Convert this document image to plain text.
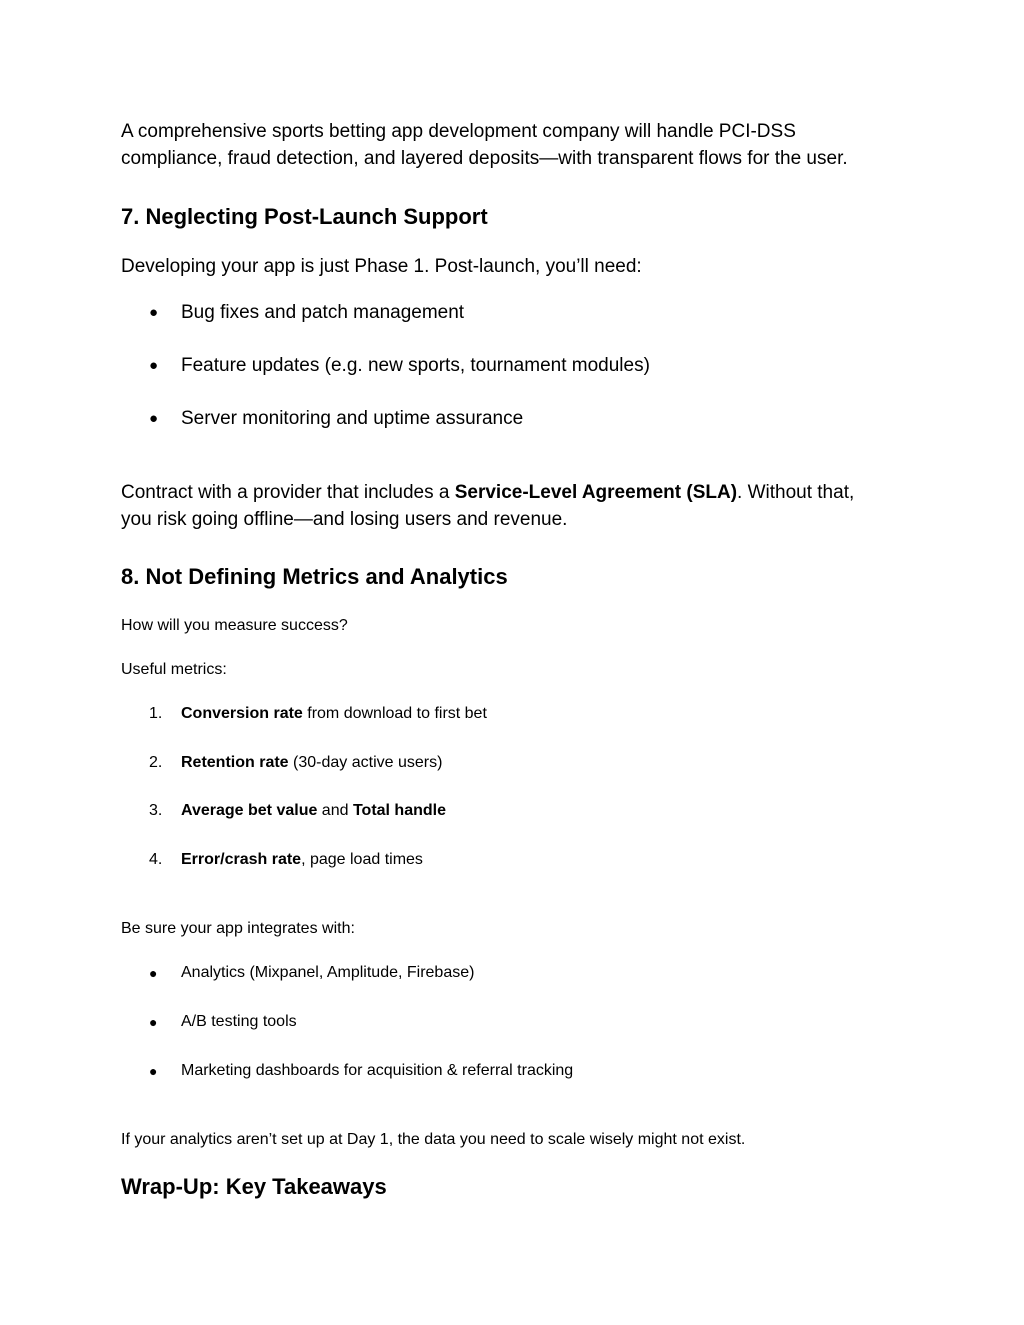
A comprehensive sports betting app development company will handle PCI-DSS

compliance, fraud detection, and layered deposits—with transparent flows for the user.

7. Neglecting Post‑Launch Support

Developing your app is just Phase 1. Post-launch, you’ll need:

●	Bug fixes and patch management
●	Feature updates (e.g. new sports, tournament modules)
●	Server monitoring and uptime assurance

Contract with a provider that includes a Service-Level Agreement (SLA). Without that,

you risk going offline—and losing users and revenue.

8. Not Defining Metrics and Analytics

How will you measure success?

Useful metrics:

1.	Conversion rate from download to first bet
2.	Retention rate (30-day active users)
3.	Average bet value and Total handle
4.	Error/crash rate, page load times

Be sure your app integrates with:

●	Analytics (Mixpanel, Amplitude, Firebase)
●	A/B testing tools
●	Marketing dashboards for acquisition & referral tracking

If your analytics aren’t set up at Day 1, the data you need to scale wisely might not exist.

Wrap‑Up: Key Takeaways
